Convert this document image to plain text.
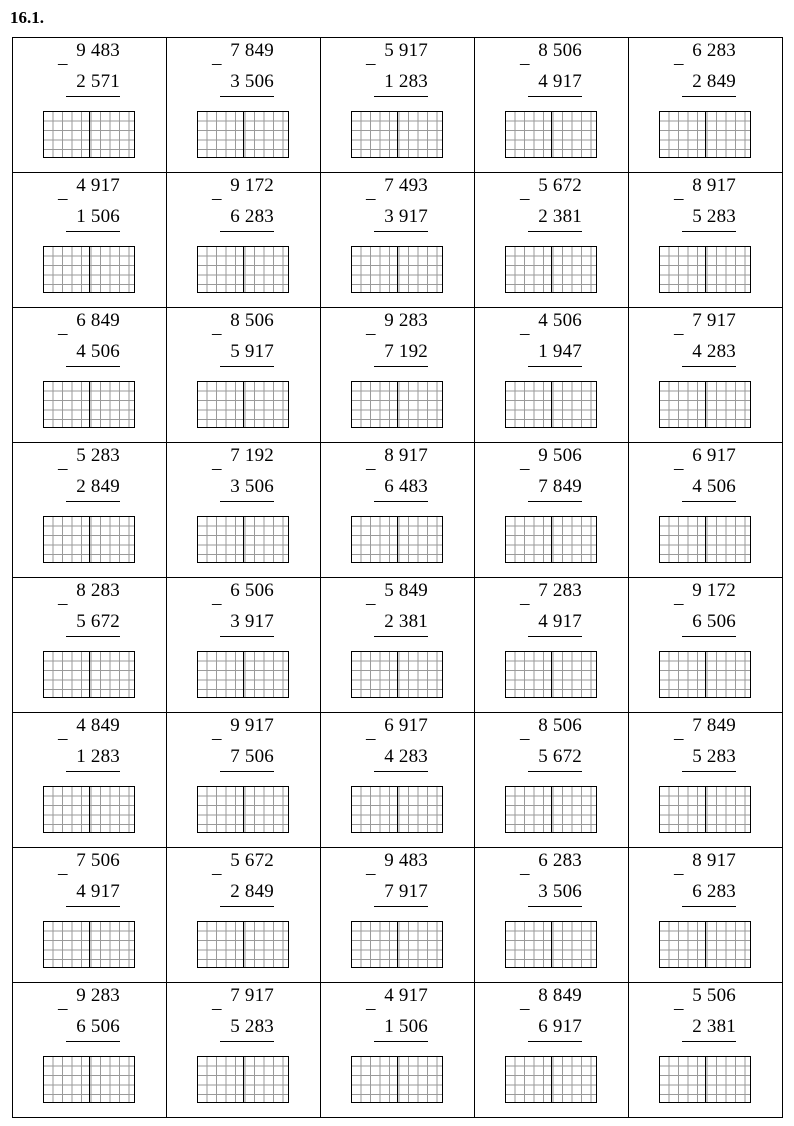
16.1.
9 483
–
2 571	7 849
–
3 506	5 917
–
1 283	8 506
–
4 917	6 283
–
2 849

4 917
–
1 506	9 172
–
6 283	7 493
–
3 917	5 672
–
2 381	8 917
–
5 283

6 849
–
4 506	8 506
–
5 917	9 283
–
7 192	4 506
–
1 947	7 917
–
4 283

5 283
–
2 849	7 192
–
3 506	8 917
–
6 483	9 506
–
7 849	6 917
–
4 506

8 283
–
5 672	6 506
–
3 917	5 849
–
2 381	7 283
–
4 917	9 172
–
6 506

4 849
–
1 283	9 917
–
7 506	6 917
–
4 283	8 506
–
5 672	7 849
–
5 283

7 506
–
4 917	5 672
–
2 849	9 483
–
7 917	6 283
–
3 506	8 917
–
6 283

9 283
–
6 506	7 917
–
5 283	4 917
–
1 506	8 849
–
6 917	5 506
–
2 381
